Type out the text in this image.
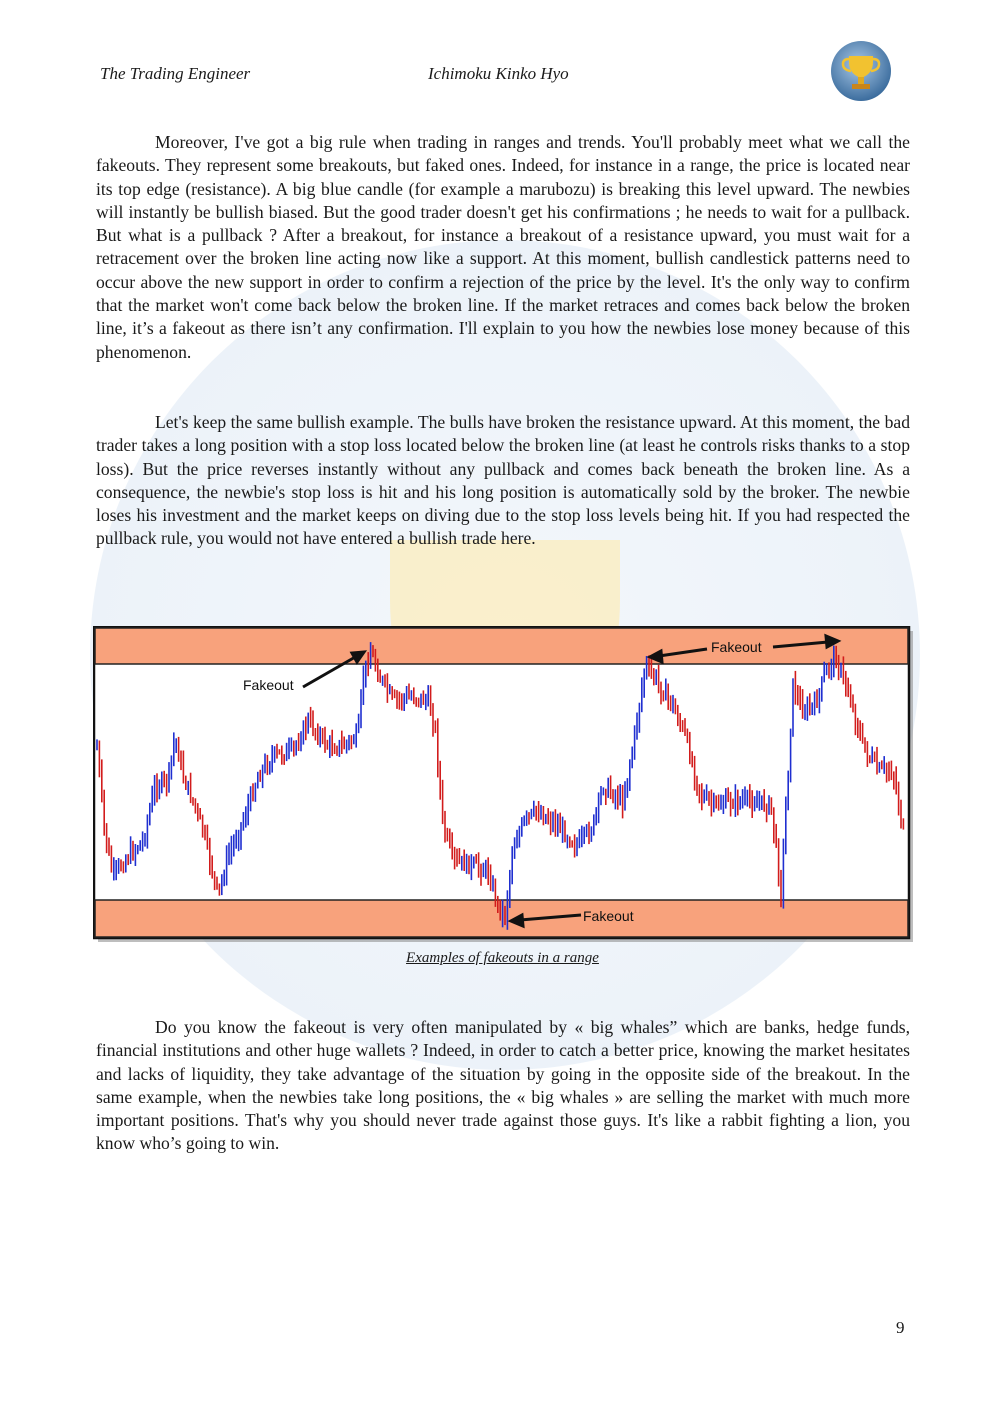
The Trading Engineer	Ichimoku Kinko Hyo

Moreover, I've got a big rule when trading in ranges and trends. You'll probably meet what we call the fakeouts. They represent some breakouts, but faked ones. Indeed, for instance in a range, the price is located near its top edge (resistance). A big blue candle (for example a marubozu) is breaking this level upward. The newbies will instantly be bullish biased. But the good trader doesn't get his confirmations ; he needs to wait for a pullback. But what is a pullback ? After a breakout, for instance a breakout of a resistance upward, you must wait for a retracement over the broken line acting now like a support. At this moment, bullish candlestick patterns need to occur above the new support in order to confirm a rejection of the price by the level. It's the only way to confirm that the market won't come back below the broken line. If the market retraces and comes back below the broken line, it’s a fakeout as there isn’t any confirmation. I'll explain to you how the newbies lose money because of this phenomenon.

Let's keep the same bullish example. The bulls have broken the resistance upward. At this moment, the bad trader takes a long position with a stop loss located below the broken line (at least he controls risks thanks to a stop loss). But the price reverses instantly without any pullback and comes back beneath the broken line. As a consequence, the newbie's stop loss is hit and his long position is automatically sold by the broker. The newbie loses his investment and the market keeps on diving due to the stop loss levels being hit. If you had respected the pullback rule, you would not have entered a bullish trade here.

Fakeout
Fakeout
Fakeout
Examples of fakeouts in a range

Do you know the fakeout is very often manipulated by « big whales” which are banks, hedge funds, financial institutions and other huge wallets ? Indeed, in order to catch a better price, knowing the market hesitates and lacks of liquidity, they take advantage of the situation by going in the opposite side of the breakout. In the same example, when the newbies take long positions, the « big whales » are selling the market with much more important positions. That's why you should never trade against those guys. It's like a rabbit fighting a lion, you know who’s going to win.

9
